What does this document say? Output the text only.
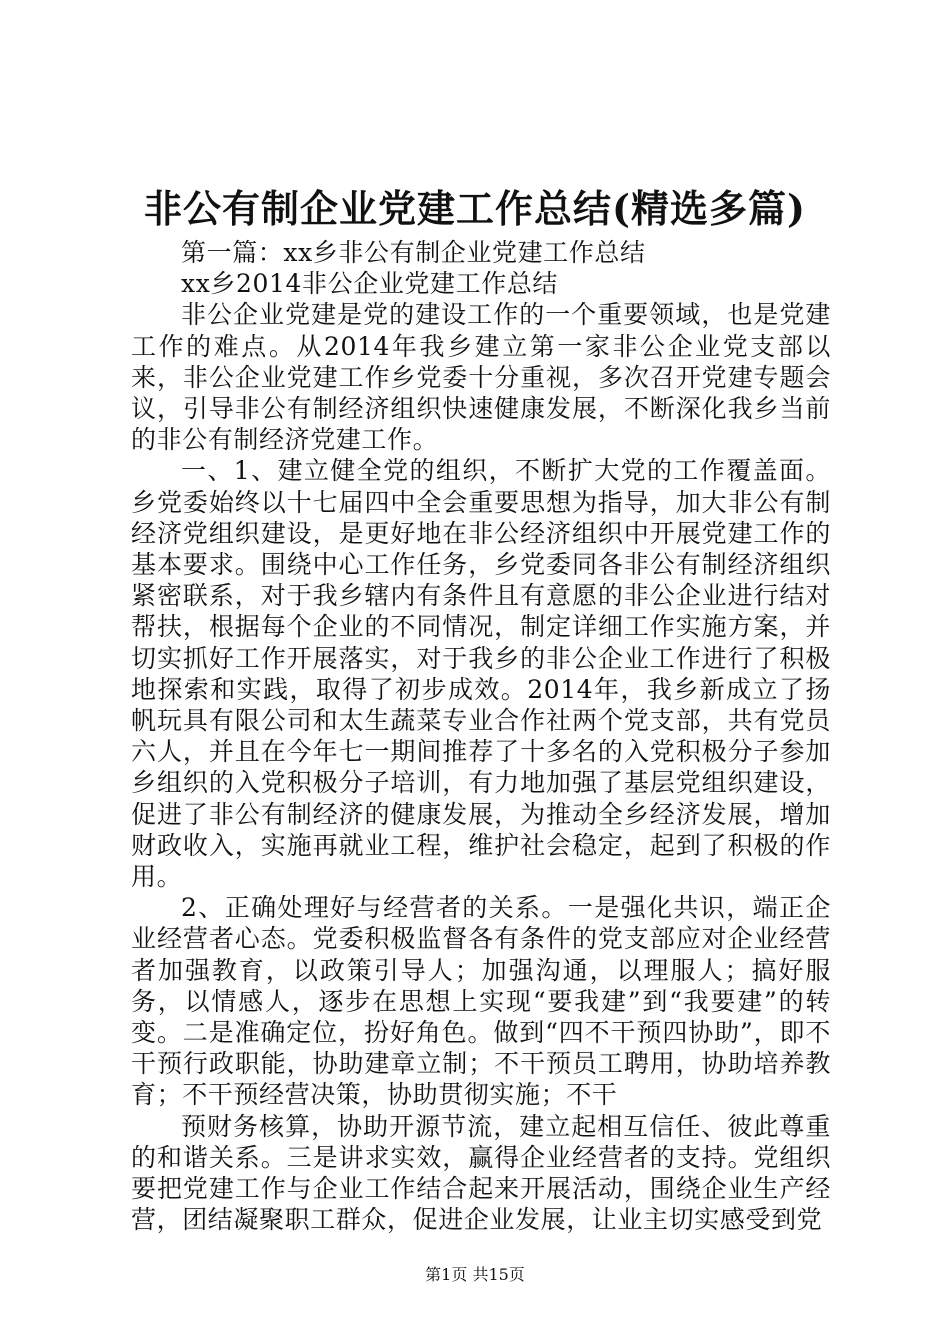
非公有制企业党建工作总结(精选多篇)

第一篇：xx乡非公有制企业党建工作总结

xx乡2014非公企业党建工作总结

非公企业党建是党的建设工作的一个重要领域，也是党建工作的难点。从2014年我乡建立第一家非公企业党支部以来，非公企业党建工作乡党委十分重视，多次召开党建专题会议，引导非公有制经济组织快速健康发展，不断深化我乡当前的非公有制经济党建工作。

一、1、建立健全党的组织，不断扩大党的工作覆盖面。乡党委始终以十七届四中全会重要思想为指导，加大非公有制经济党组织建设，是更好地在非公经济组织中开展党建工作的基本要求。围绕中心工作任务，乡党委同各非公有制经济组织紧密联系，对于我乡辖内有条件且有意愿的非公企业进行结对帮扶，根据每个企业的不同情况，制定详细工作实施方案，并切实抓好工作开展落实，对于我乡的非公企业工作进行了积极地探索和实践，取得了初步成效。2014年，我乡新成立了扬帆玩具有限公司和太生蔬菜专业合作社两个党支部，共有党员六人，并且在今年七一期间推荐了十多名的入党积极分子参加乡组织的入党积极分子培训，有力地加强了基层党组织建设，促进了非公有制经济的健康发展，为推动全乡经济发展，增加财政收入，实施再就业工程，维护社会稳定，起到了积极的作用。

2、正确处理好与经营者的关系。一是强化共识，端正企业经营者心态。党委积极监督各有条件的党支部应对企业经营者加强教育，以政策引导人；加强沟通，以理服人；搞好服务，以情感人，逐步在思想上实现“要我建”到“我要建”的转变。二是准确定位，扮好角色。做到“四不干预四协助”，即不干预行政职能，协助建章立制；不干预员工聘用，协助培养教育；不干预经营决策，协助贯彻实施；不干

预财务核算，协助开源节流，建立起相互信任、彼此尊重的和谐关系。三是讲求实效，赢得企业经营者的支持。党组织要把党建工作与企业工作结合起来开展活动，围绕企业生产经营，团结凝聚职工群众，促进企业发展，让业主切实感受到党

第1页 共15页
